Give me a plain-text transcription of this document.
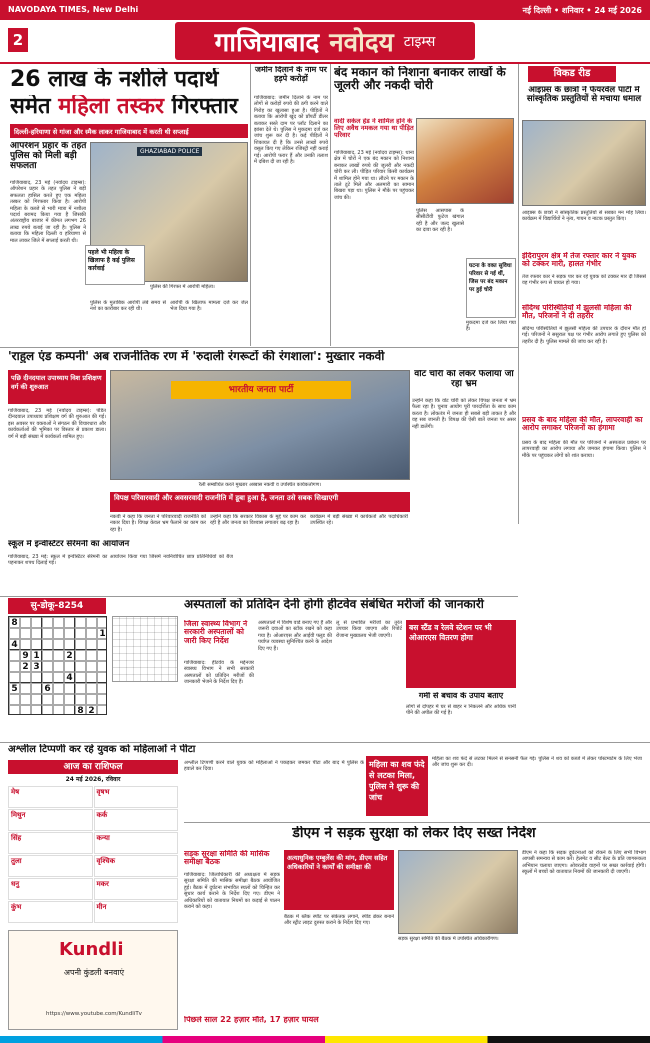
NAVODAYA TIMES, New Delhi	नई दिल्ली • शनिवार • 24 मई 2026
2	गाजियाबाद नवोदय टाइम्स
26 लाख के नशीले पदार्थ
समेत महिला तस्कर गिरफ्तार
दिल्ली-हरियाणा से गांजा और स्मैक लाकर गाजियाबाद में करती थी सप्लाई
ऑपरेशन प्रहार के तहत पुलिस को मिली बड़ी सफलता
गाजियाबाद, 23 मई (नवोदय टाइम्स): ऑपरेशन प्रहार के तहत पुलिस ने बड़ी सफलता हासिल करते हुए एक महिला तस्कर को गिरफ्तार किया है। आरोपी महिला के कब्जे से भारी मात्रा में नशीला पदार्थ बरामद किया गया है जिसकी अंतरराष्ट्रीय बाजार में कीमत लगभग 26 लाख रुपये बताई जा रही है। पुलिस ने बताया कि महिला दिल्ली व हरियाणा से माल लाकर जिले में सप्लाई करती थी।
GHAZIABAD POLICE
पहले भी महिला के खिलाफ है कई पुलिस कार्रवाई
पुलिस की गिरफ्त में आरोपी महिला।
पुलिस के मुताबिक आरोपी लंबे समय से नशे का कारोबार कर रही थी।
आरोपी के खिलाफ मामला दर्ज कर जेल भेज दिया गया है।
जमीन दिलाने के नाम पर हड़पे करोड़ों
गाजियाबाद: जमीन दिलाने के नाम पर लोगों से करोड़ों रुपये की ठगी करने वाले गिरोह का खुलासा हुआ है। पीड़ितों ने बताया कि आरोपी खुद को प्रॉपर्टी डीलर बताकर सस्ते दाम पर प्लॉट दिलाने का झांसा देते थे। पुलिस ने मुकदमा दर्ज कर जांच शुरू कर दी है। कई पीड़ितों ने शिकायत दी है कि उनसे लाखों रुपये वसूल किए गए लेकिन रजिस्ट्री नहीं कराई गई। आरोपी फरार हैं और उनकी तलाश में दबिश दी जा रही है।
बंद मकान को निशाना बनाकर लाखों के जूलरी और नकदी चोरी
वादी सर्कल हेड ने शामिल होने के लिए अवैध नमकल गया था पीड़ित परिवार
गाजियाबाद, 23 मई (नवोदय टाइम्स): थाना क्षेत्र में चोरों ने एक बंद मकान को निशाना बनाकर लाखों रुपये की जूलरी और नकदी चोरी कर ली। पीड़ित परिवार किसी कार्यक्रम में शामिल होने गया था। लौटने पर मकान के ताले टूटे मिले और अलमारी का सामान बिखरा पड़ा था। पुलिस ने मौके पर पहुंचकर जांच की।
पुलिस आसपास के सीसीटीवी फुटेज खंगाल रही है और जल्द खुलासे का दावा कर रही है।
घटना के वक्त सुविधा परिवार से गई थीं, जिस पर बंद मकान पर हुई चोरी
मुकदमा दर्ज कर लिया गया है।
विकड रीड
आइफ़्स के छात्रों ने फेयरवेल पार्टी में सांस्कृतिक प्रस्तुतियों से मचाया धमाल
आइफ़्स के छात्रों ने सांस्कृतिक प्रस्तुतियों से सबका मन मोह लिया। कार्यक्रम में विद्यार्थियों ने नृत्य, गायन व नाटक प्रस्तुत किए।
इंदिरापुरम क्षेत्र में तेज रफ्तार कार ने युवक को टक्कर मारी, हालत गंभीर
तेज रफ्तार कार ने सड़क पार कर रहे युवक को टक्कर मार दी जिससे वह गंभीर रूप से घायल हो गया।
संदिग्ध परिस्थितियों में झुलसी महिला की मौत, परिजनों ने दी तहरीर
संदिग्ध परिस्थितियों में झुलसी महिला की उपचार के दौरान मौत हो गई। परिजनों ने ससुराल पक्ष पर गंभीर आरोप लगाते हुए पुलिस को तहरीर दी है। पुलिस मामले की जांच कर रही है।
प्रसव के बाद महिला की मौत, लापरवाही का आरोप लगाकर परिजनों का हंगामा
प्रसव के बाद महिला की मौत पर परिजनों ने अस्पताल प्रबंधन पर लापरवाही का आरोप लगाया और जमकर हंगामा किया। पुलिस ने मौके पर पहुंचकर लोगों को शांत कराया।
'राहुल एंड कम्पनी' अब राजनीतिक रण में 'रुदाली रंगरूटों की रंगशाला': मुख्तार नकवी
पछि दीनदयाल उपाध्याय विश प्रशिक्षण वर्ग की शुरुआत
गाजियाबाद, 23 मई (नवोदय टाइम्स): पंडित दीनदयाल उपाध्याय प्रशिक्षण वर्ग की शुरुआत की गई। इस अवसर पर वक्ताओं ने संगठन की विचारधारा और कार्यकर्ताओं की भूमिका पर विस्तार से प्रकाश डाला। वर्ग में बड़ी संख्या में कार्यकर्ता शामिल हुए।
स्कूल में इन्वेस्टिटर सेरेमनी का आयोजन
गाजियाबाद, 23 मई: स्कूल में इन्वेस्टिटर सेरेमनी का आयोजन किया गया जिसमें नवनिर्वाचित छात्र प्रतिनिधियों को बैज पहनाकर शपथ दिलाई गई।
भारतीय जनता पार्टी
रैली सम्बोधित करते मुख्तार अब्बास नकवी व उपस्थित कार्यकर्तागण।
विपक्ष परिवारवादी और अवसरवादी राजनीति में डूबा हुआ है, जनता उसे सबक सिखाएगी
नकवी ने कहा कि जनता ने परिवारवादी राजनीति को नकार दिया है। विपक्ष केवल भ्रम फैलाने का काम कर रहा है।
उन्होंने कहा कि सरकार विकास के मुद्दे पर काम कर रही है और जनता का विश्वास लगातार बढ़ रहा है।
कार्यक्रम में बड़ी संख्या में कार्यकर्ता और पदाधिकारी उपस्थित रहे।
वोट चोरी को लेकर फैलाया जा रहा भ्रम
उन्होंने कहा कि वोट चोरी को लेकर विपक्ष जनता में भ्रम फैला रहा है। चुनाव आयोग पूरी पारदर्शिता के साथ काम करता है। लोकतंत्र में जनता ही सबसे बड़ी ताकत है और वह सब जानती है। विपक्ष की ऐसी बातें जनता पर असर नहीं डालेंगी।
सु-डोकू-8254
8
1
4
9 1	2
2 3
4
5	6
8 2
अस्पतालों को प्रतिदिन देनी होगी हीटवेव संबंधित मरीजों की जानकारी
जिला स्वास्थ्य विभाग ने सरकारी अस्पतालों को जारी किए निर्देश
गाजियाबाद: हीटवेव के मद्देनजर स्वास्थ्य विभाग ने सभी सरकारी अस्पतालों को प्रतिदिन मरीजों की जानकारी भेजने के निर्देश दिए हैं।
अस्पतालों में विशेष वार्ड बनाए गए हैं और जरूरी दवाओं का स्टॉक रखने को कहा गया है। ओआरएस और आईवी फ्लूड की पर्याप्त व्यवस्था सुनिश्चित करने के आदेश दिए गए हैं।
लू से प्रभावित मरीजों का तुरंत उपचार किया जाएगा और रिपोर्ट रोजाना मुख्यालय भेजी जाएगी।
बस स्टैंड व रेलवे स्टेशन पर भी ओआरएस वितरण होगा
गर्मी से बचाव के उपाय बताए
लोगों से दोपहर में घर से बाहर न निकलने और अधिक पानी पीने की अपील की गई है।
अश्लील टिप्पणी कर रहे युवक को महिलाओं ने पीटा
अश्लील टिप्पणी करने वाले युवक को महिलाओं ने पकड़कर जमकर पीटा और बाद में पुलिस के हवाले कर दिया।
महिला का शव फंदे से लटका मिला, पुलिस ने शुरू की जांच
महिला का शव फंदे से लटका मिलने से सनसनी फैल गई। पुलिस ने शव को कब्जे में लेकर पोस्टमार्टम के लिए भेजा और जांच शुरू कर दी।
आज का राशिफल
24 मई 2026, रविवार
मेष	वृषभ
मिथुन	कर्क
सिंह	कन्या
तुला	वृश्चिक
धनु	मकर
कुंभ	मीन
Kundli
अपनी कुंडली बनवाएं
https://www.youtube.com/KundliTv
डीएम ने सड़क सुरक्षा को लेकर दिए सख्त निर्देश
सड़क सुरक्षा समिति की मासिक समीक्षा बैठक
गाजियाबाद: जिलाधिकारी की अध्यक्षता में सड़क सुरक्षा समिति की मासिक समीक्षा बैठक आयोजित हुई। बैठक में दुर्घटना संभावित स्थलों को चिन्हित कर सुधार कार्य कराने के निर्देश दिए गए। डीएम ने अधिकारियों को यातायात नियमों का कड़ाई से पालन कराने को कहा।
अत्याधुनिक एम्बुलेंस की मांग, डीएम सहित अधिकारियों ने कार्यों की समीक्षा की
बैठक में ब्लैक स्पॉट पर संकेतक लगाने, स्पीड ब्रेकर बनाने और स्ट्रीट लाइट दुरुस्त कराने के निर्देश दिए गए।
सड़क सुरक्षा समिति की बैठक में उपस्थित अधिकारीगण।
डीएम ने कहा कि सड़क दुर्घटनाओं को रोकने के लिए सभी विभाग आपसी समन्वय से काम करें। हेलमेट व सीट बेल्ट के प्रति जागरूकता अभियान चलाया जाएगा। ओवरलोड वाहनों पर सख्त कार्रवाई होगी। स्कूलों में बच्चों को यातायात नियमों की जानकारी दी जाएगी।
पिछले साल 22 हज़ार मौतें, 17 हज़ार घायल
